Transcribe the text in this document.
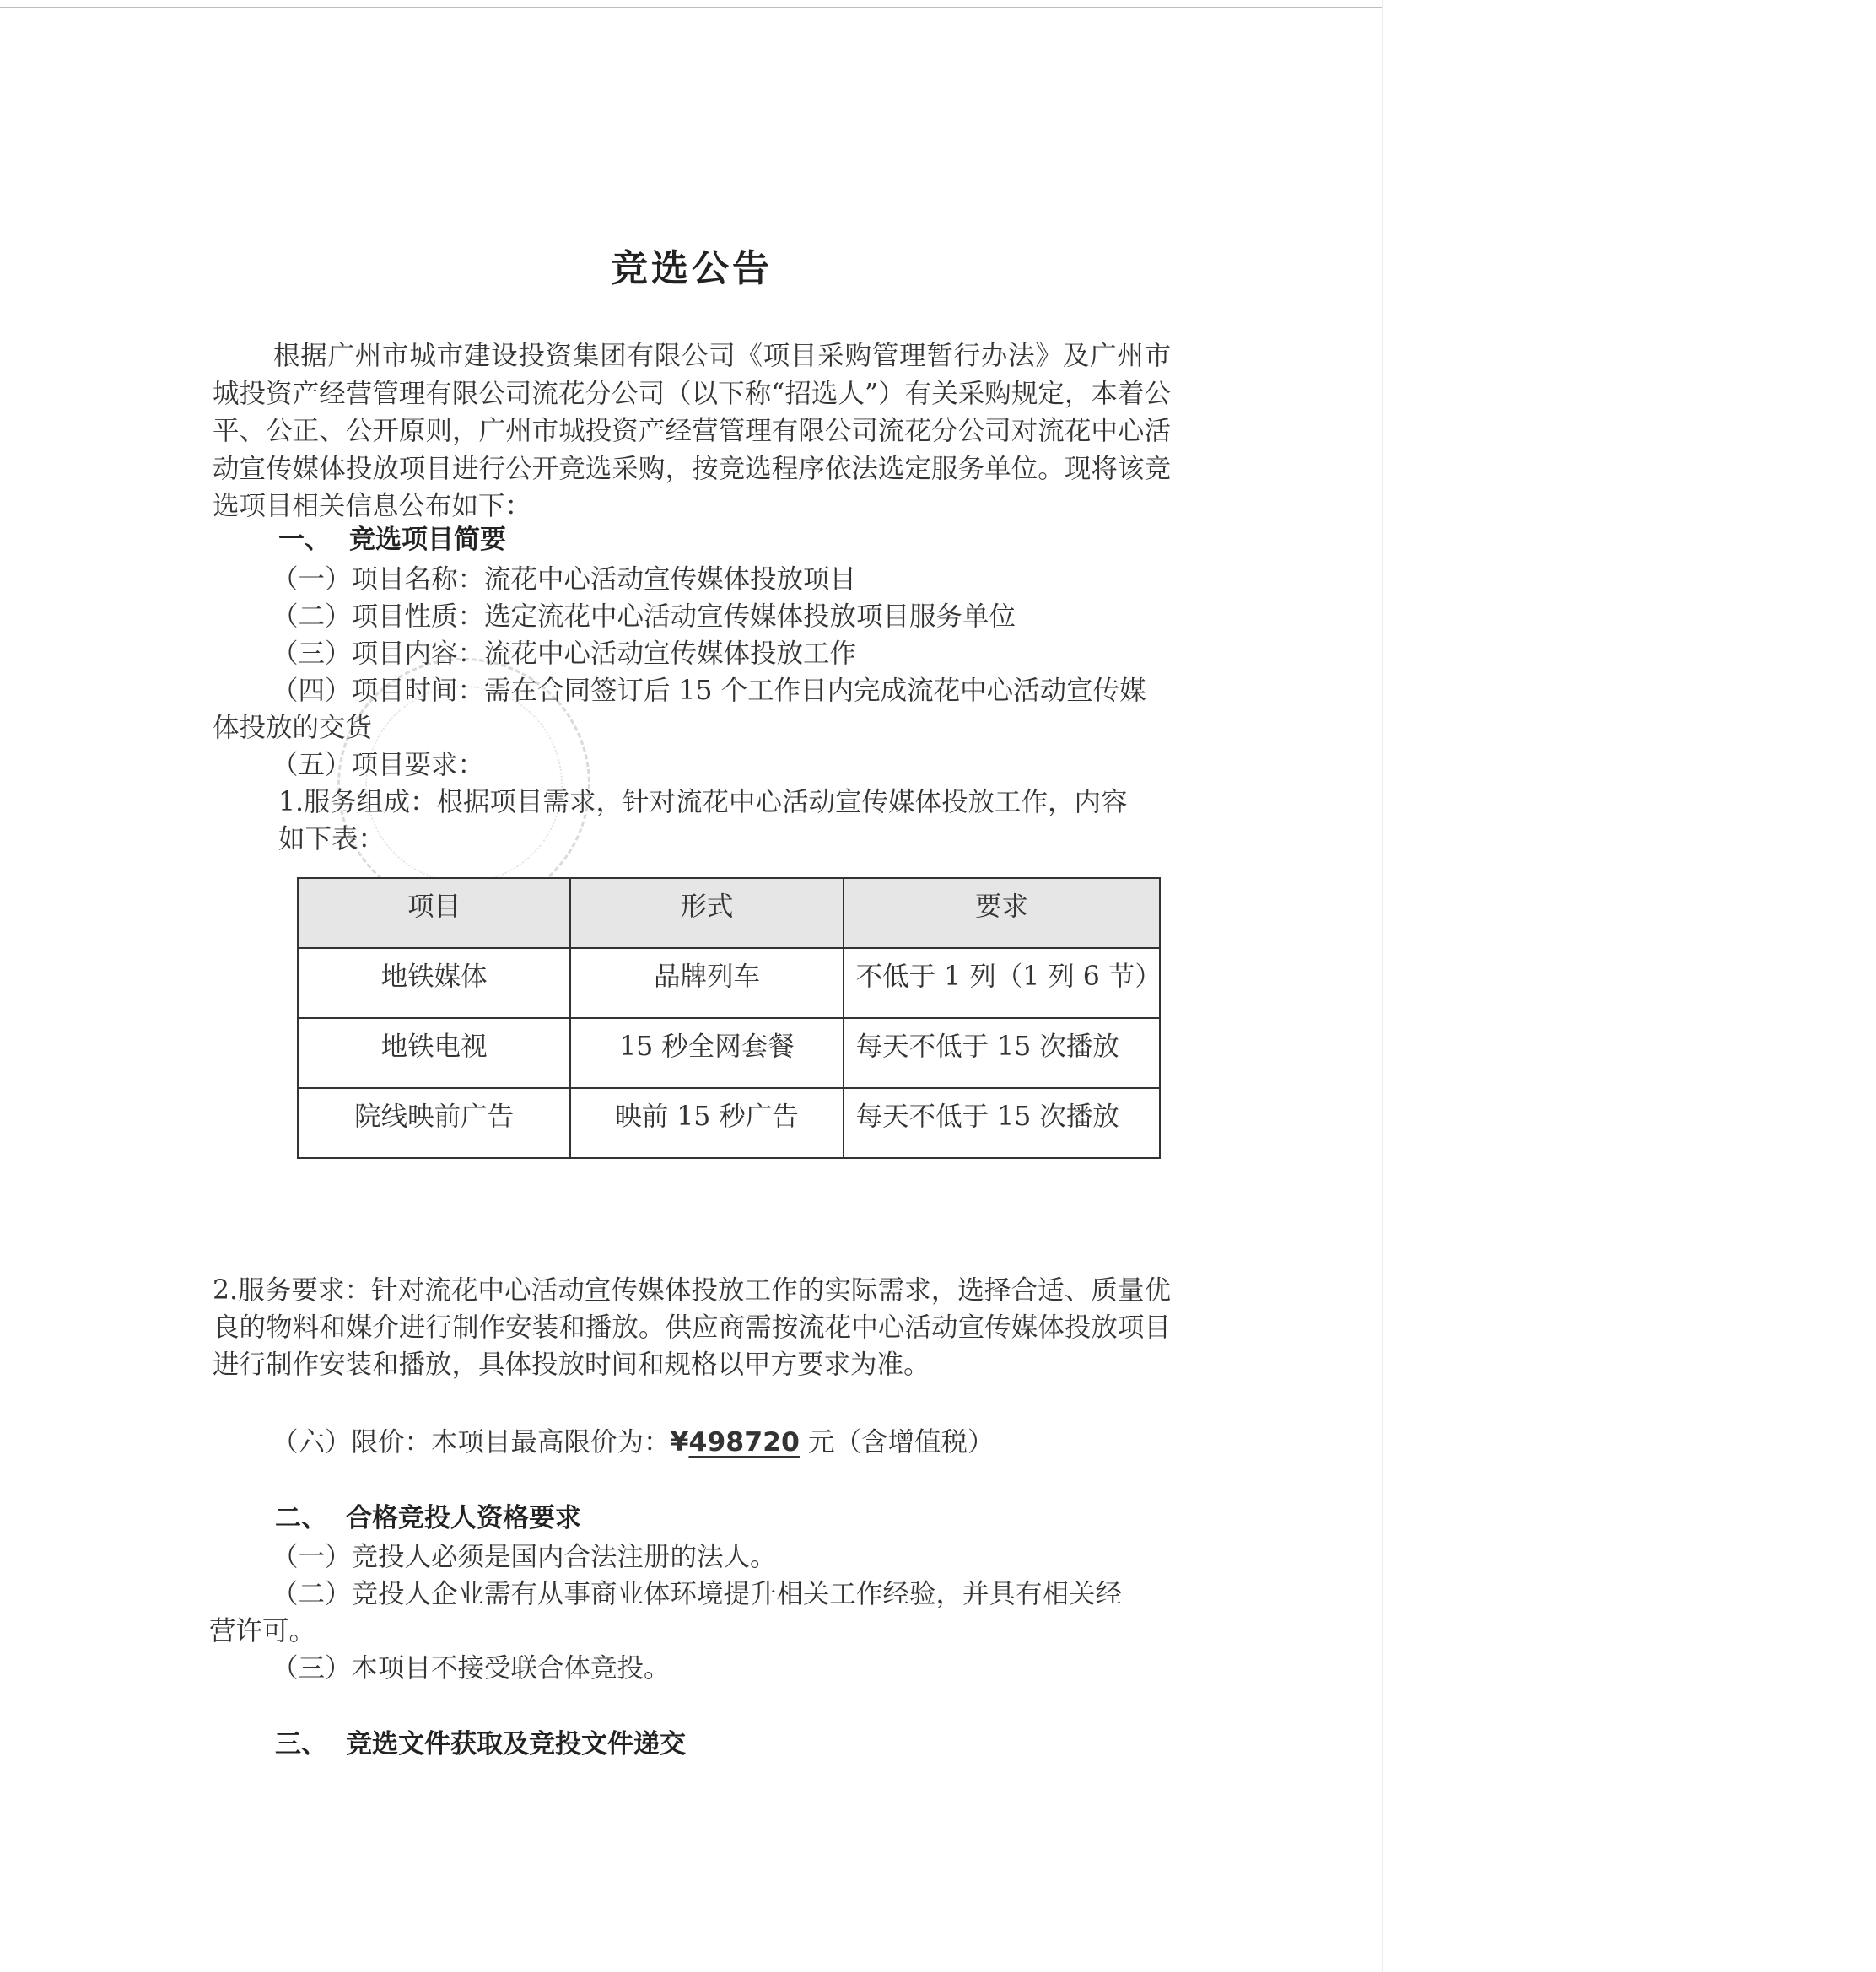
竞选公告
根据广州市城市建设投资集团有限公司《项目采购管理暂行办法》及广州市城投资产经营管理有限公司流花分公司（以下称“招选人”）有关采购规定，本着公平、公正、公开原则，广州市城投资产经营管理有限公司流花分公司对流花中心活动宣传媒体投放项目进行公开竞选采购，按竞选程序依法选定服务单位。现将该竞选项目相关信息公布如下：
一、 竞选项目简要
（一）项目名称：流花中心活动宣传媒体投放项目
（二）项目性质：选定流花中心活动宣传媒体投放项目服务单位
（三）项目内容：流花中心活动宣传媒体投放工作
（四）项目时间：需在合同签订后 15 个工作日内完成流花中心活动宣传媒
体投放的交货
（五）项目要求：
1.服务组成：根据项目需求，针对流花中心活动宣传媒体投放工作，内容
如下表：
项目	形式	要求
地铁媒体	品牌列车	不低于 1 列（1 列 6 节）
地铁电视	15 秒全网套餐	每天不低于 15 次播放
院线映前广告	映前 15 秒广告	每天不低于 15 次播放
2.服务要求：针对流花中心活动宣传媒体投放工作的实际需求，选择合适、质量优良的物料和媒介进行制作安装和播放。供应商需按流花中心活动宣传媒体投放项目进行制作安装和播放，具体投放时间和规格以甲方要求为准。
（六）限价：本项目最高限价为：¥498720 元（含增值税）
二、 合格竞投人资格要求
（一）竞投人必须是国内合法注册的法人。
（二）竞投人企业需有从事商业体环境提升相关工作经验，并具有相关经
营许可。
（三）本项目不接受联合体竞投。
三、 竞选文件获取及竞投文件递交
